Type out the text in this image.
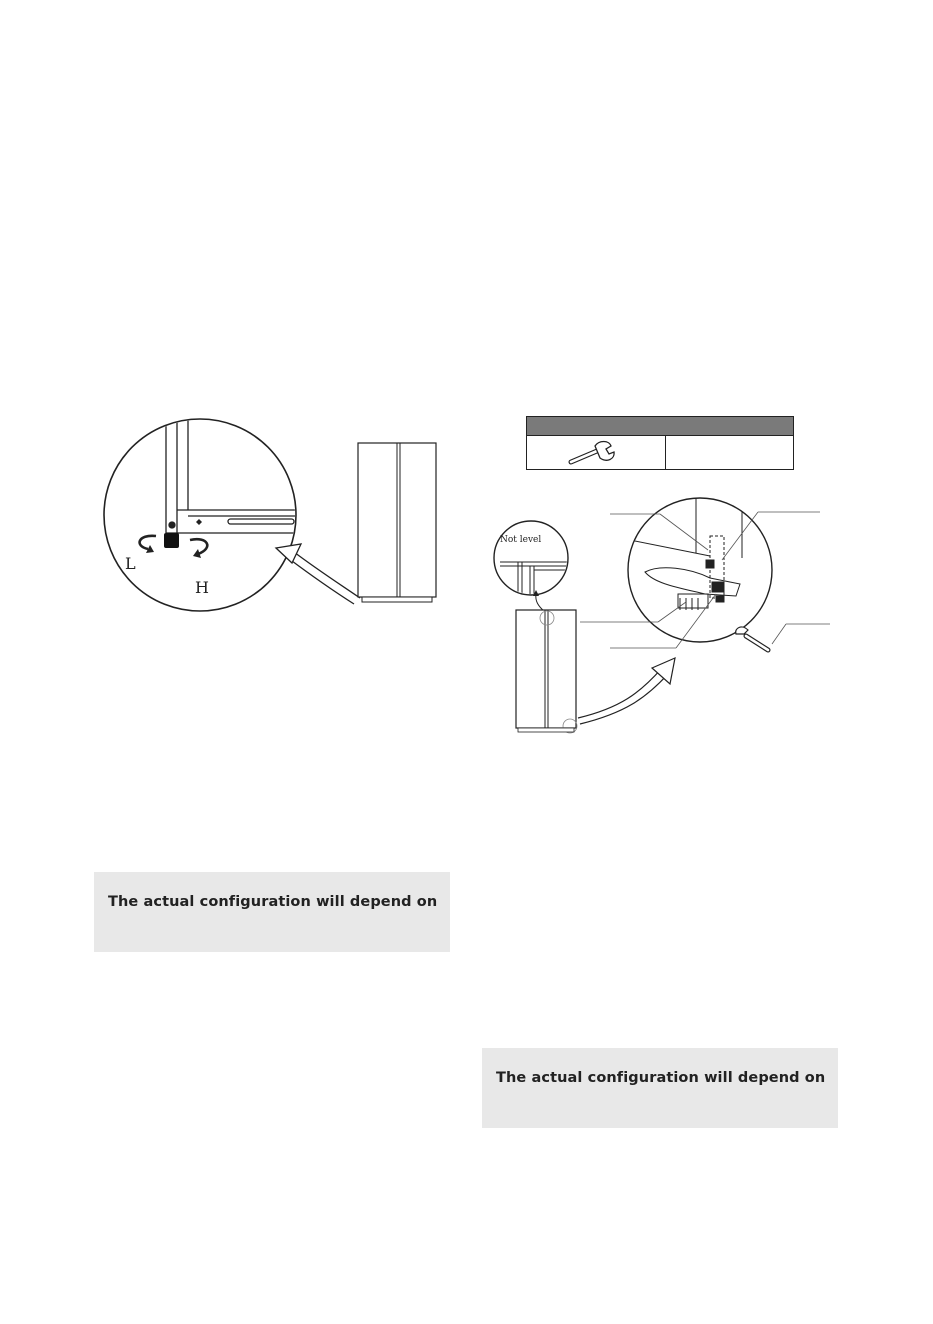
L
H
Not level
The actual configuration will depend on
The actual configuration will depend on
